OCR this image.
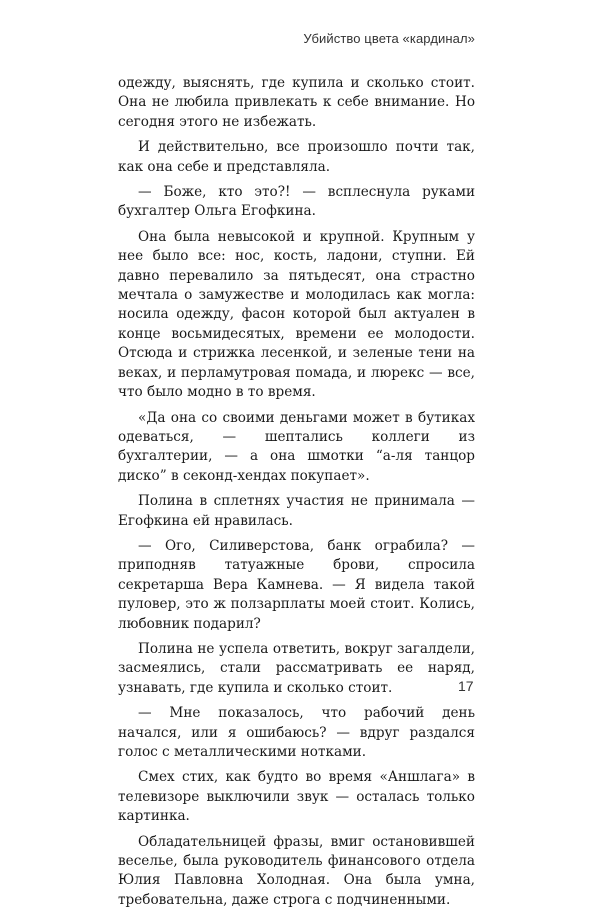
Убийство цвета «кардинал»

одежду, выяснять, где купила и сколько стоит. Она не любила привлекать к себе внимание. Но сегодня этого не избежать.

И действительно, все произошло почти так, как она себе и представляла.

— Боже, кто это?! — всплеснула руками бухгалтер Ольга Егофкина.

Она была невысокой и крупной. Крупным у нее было все: нос, кость, ладони, ступни. Ей давно перевалило за пятьдесят, она страстно мечтала о замужестве и молодилась как могла: носила одежду, фасон которой был актуален в конце восьмидесятых, времени ее молодости. Отсюда и стрижка лесенкой, и зеленые тени на веках, и перламутровая помада, и люрекс — все, что было модно в то время.

«Да она со своими деньгами может в бутиках одеваться, — шептались коллеги из бухгалтерии, — а она шмотки “а-ля танцор диско” в секонд-хендах покупает».

Полина в сплетнях участия не принимала — Егофкина ей нравилась.

— Ого, Силиверстова, банк ограбила? — приподняв татуажные брови, спросила секретарша Вера Камнева. — Я видела такой пуловер, это ж ползарплаты моей стоит. Колись, любовник подарил?

Полина не успела ответить, вокруг загалдели, засмеялись, стали рассматривать ее наряд, узнавать, где купила и сколько стоит.

— Мне показалось, что рабочий день начался, или я ошибаюсь? — вдруг раздался голос с металлическими нотками.

Смех стих, как будто во время «Аншлага» в телевизоре выключили звук — осталась только картинка.

Обладательницей фразы, вмиг остановившей веселье, была руководитель финансового отдела Юлия Павловна Холодная. Она была умна, требовательна, даже строга с подчиненными.

17
